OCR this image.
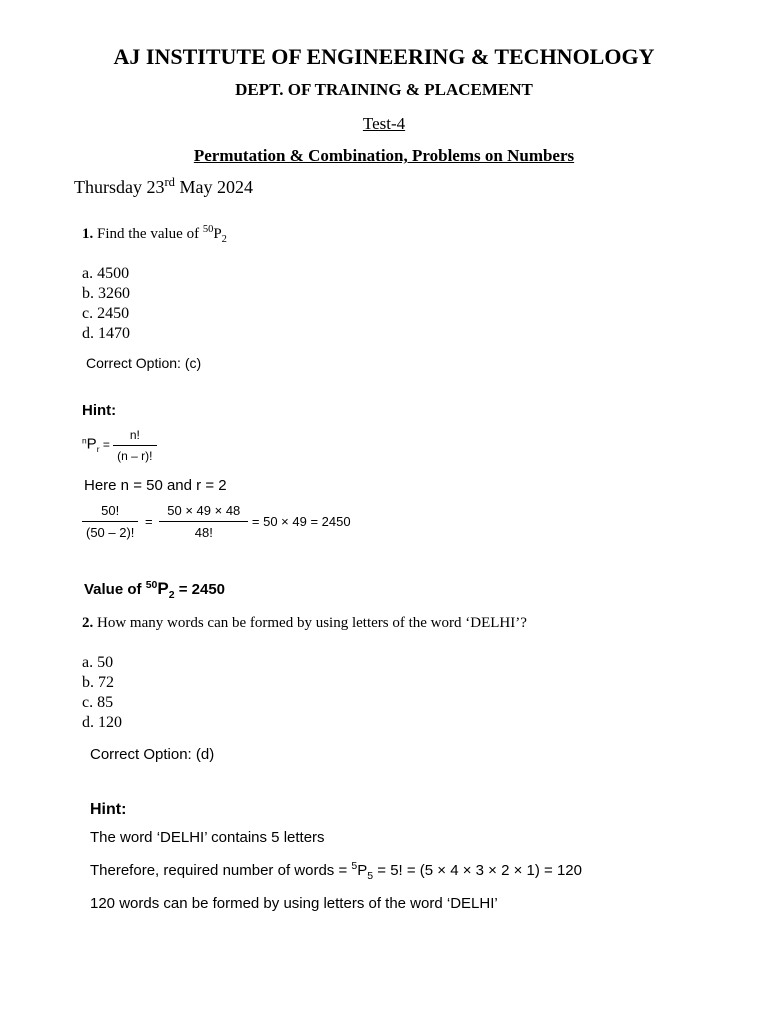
AJ INSTITUTE OF ENGINEERING & TECHNOLOGY
DEPT. OF TRAINING & PLACEMENT
Test-4
Permutation & Combination, Problems on Numbers
Thursday 23rd May 2024
1. Find the value of $^{50}P_2$
a. 4500
b. 3260
c. 2450
d. 1470
Correct Option: (c)
Hint:
$^nP_r = \frac{n!}{(n - r)!}$
Here n = 50 and r = 2
$\frac{50!}{(50 - 2)!} = \frac{50 \times 49 \times 48}{48!} = 50 \times 49 = 2450$
Value of $^{50}P_2 = 2450$
2. How many words can be formed by using letters of the word ‘DELHI’?
a. 50
b. 72
c. 85
d. 120
Correct Option: (d)
Hint:
The word ‘DELHI’ contains 5 letters
Therefore, required number of words = $^5P_5 = 5$! = (5 × 4 × 3 × 2 × 1) = 120
120 words can be formed by using letters of the word ‘DELHI’
